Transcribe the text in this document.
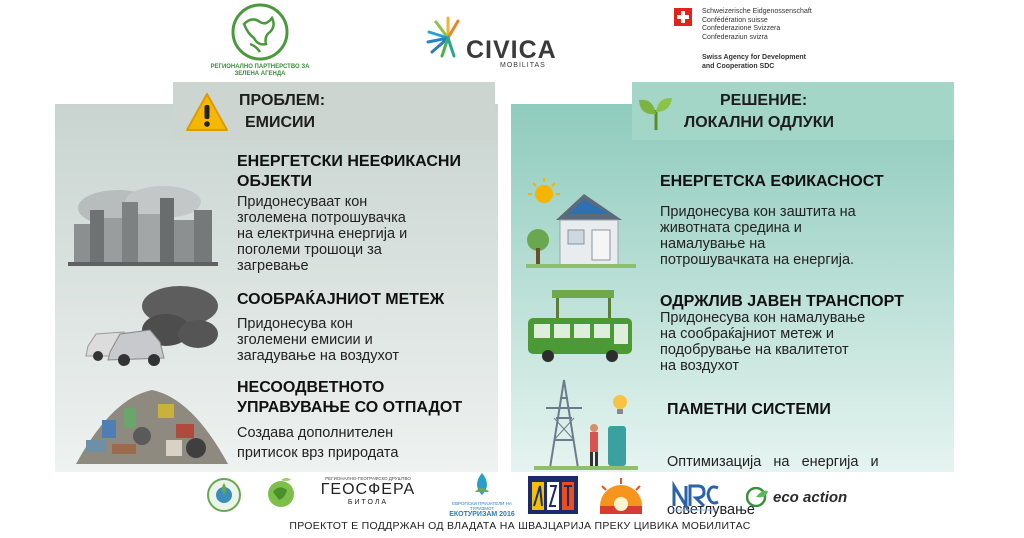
РЕГИОНАЛНО ПАРТНЕРСТВО ЗА
ЗЕЛЕНА АГЕНДА
CIVICA
MOBILITAS
Schweizerische Eidgenossenschaft
Confédération suisse
Confederazione Svizzera
Confederaziun svizra
Swiss Agency for Development
and Cooperation SDC
ПРОБЛЕМ:
ЕМИСИИ
РЕШЕНИЕ:
ЛОКАЛНИ ОДЛУКИ
ЕНЕРГЕТСКИ НЕЕФИКАСНИ
ОБЈЕКТИ
Придонесуваат кон
зголемена потрошувачка
на електрична енергија и
поголеми трошоци за
загревање
СООБРАЌАЈНИОТ МЕТЕЖ
Придонесува кон
зголемени емисии и
загадување на воздухот
НЕСООДВЕТНОТО
УПРАВУВАЊЕ СО ОТПАДОТ
Создава дополнителен
притисок врз природата
ЕНЕРГЕТСКА ЕФИКАСНОСТ
Придонесува кон заштита на
животната средина и
намалување на
потрошувачката на енергија.
ОДРЖЛИВ ЈАВЕН ТРАНСПОРТ
Придонесува кон намалување
на сообраќајниот метеж и
подобрување на квалитетот
на воздухот
ПАМЕТНИ СИСТЕМИ

Оптимизација   на   енергија   и

осветлување

РЕГИОНАЛНО-ГЕОГРАФСКО ДРУШТВО
ГЕОСФЕРА
БИТОЛА	ЕВРОПСКИ ПРИЈАТЕЛИ НА ТУРИЗМОТ
ЕКОТУРИЗАМ 2016
eco action
ПРОЕКТОТ Е ПОДДРЖАН ОД ВЛАДАТА НА ШВАЈЦАРИЈА ПРЕКУ ЦИВИКА МОБИЛИТАС
